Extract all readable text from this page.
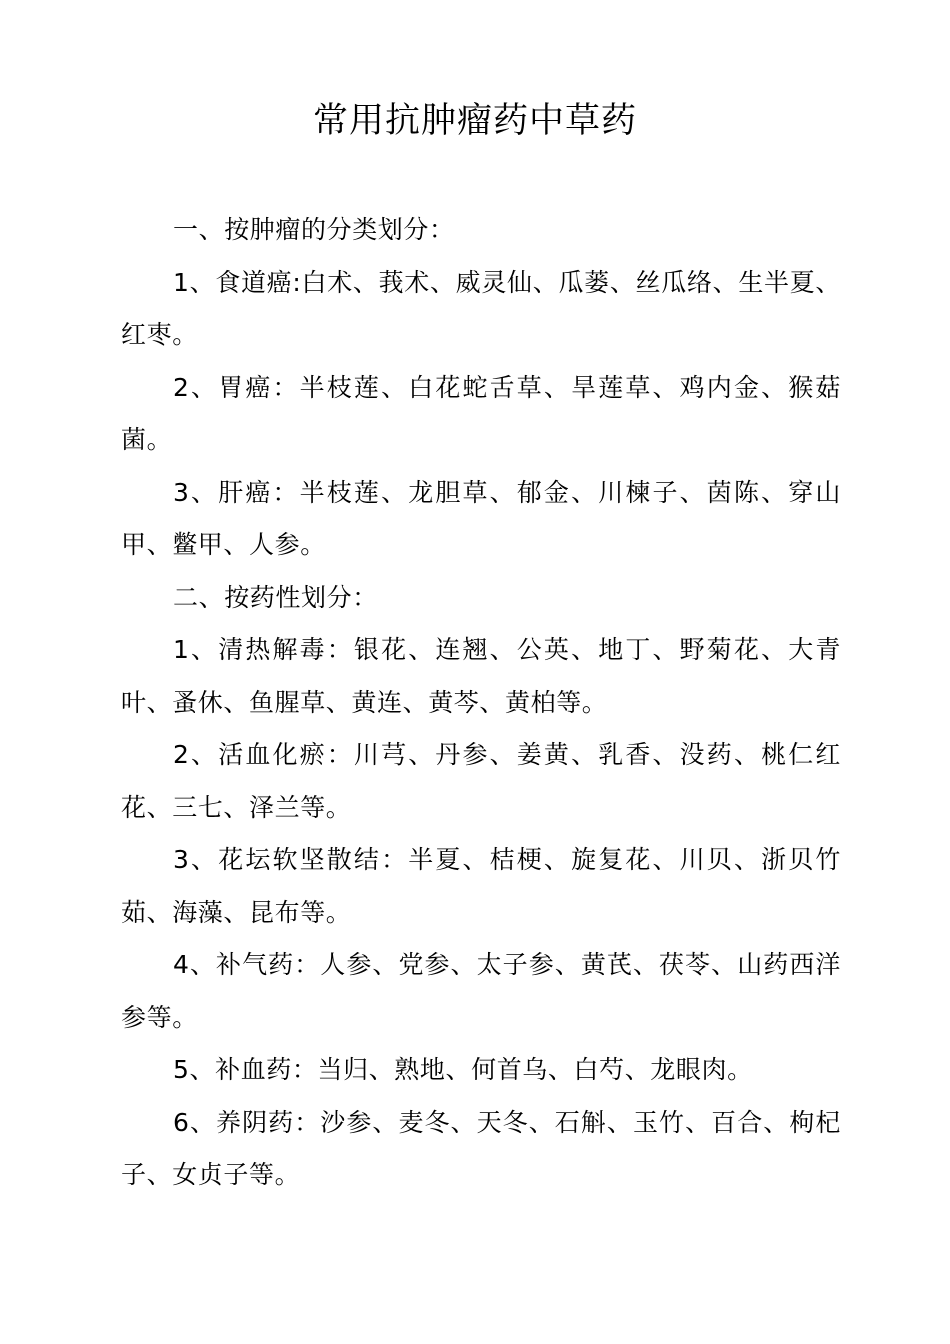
常用抗肿瘤药中草药

一、按肿瘤的分类划分：

1、食道癌:白术、莪术、威灵仙、瓜蒌、丝瓜络、生半夏、红枣。

2、胃癌：半枝莲、白花蛇舌草、旱莲草、鸡内金、猴菇菌。

3、肝癌：半枝莲、龙胆草、郁金、川楝子、茵陈、穿山甲、鳖甲、人参。

二、按药性划分：

1、清热解毒：银花、连翘、公英、地丁、野菊花、大青叶、蚤休、鱼腥草、黄连、黄芩、黄柏等。

2、活血化瘀：川芎、丹参、姜黄、乳香、没药、桃仁红花、三七、泽兰等。

3、花坛软坚散结：半夏、桔梗、旋复花、川贝、浙贝竹茹、海藻、昆布等。

4、补气药：人参、党参、太子参、黄芪、茯苓、山药西洋参等。

5、补血药：当归、熟地、何首乌、白芍、龙眼肉。

6、养阴药：沙参、麦冬、天冬、石斛、玉竹、百合、枸杞子、女贞子等。
